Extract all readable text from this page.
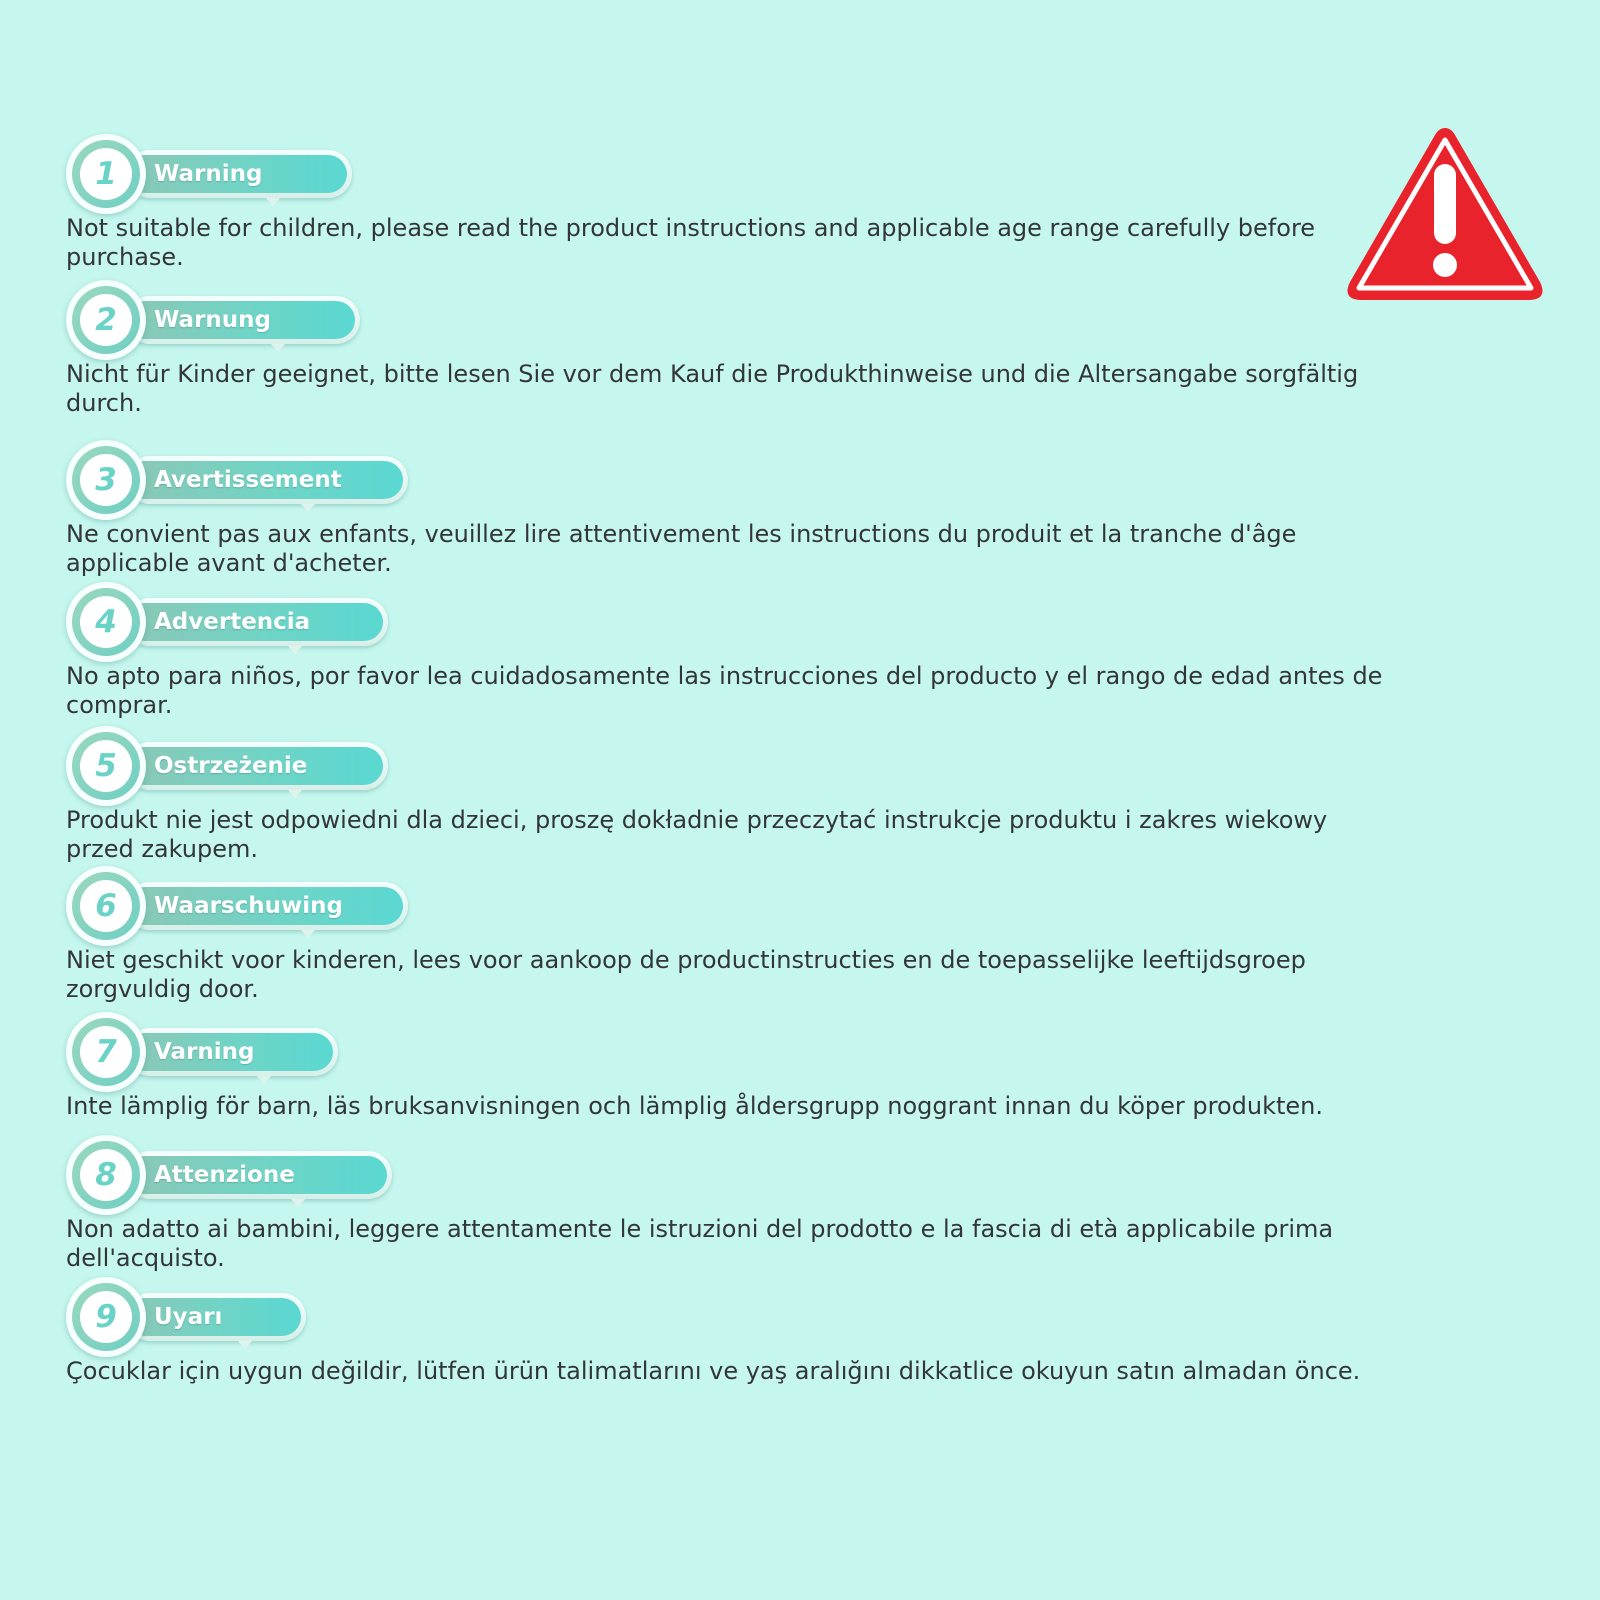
Warning
1

Not suitable for children, please read the product instructions and applicable age range carefully before purchase.

Warnung
2

Nicht für Kinder geeignet, bitte lesen Sie vor dem Kauf die Produkthinweise und die Altersangabe sorgfältig durch.

Avertissement
3

Ne convient pas aux enfants, veuillez lire attentivement les instructions du produit et la tranche d'âge applicable avant d'acheter.

Advertencia
4

No apto para niños, por favor lea cuidadosamente las instrucciones del producto y el rango de edad antes de comprar.

Ostrzeżenie
5

Produkt nie jest odpowiedni dla dzieci, proszę dokładnie przeczytać instrukcje produktu i zakres wiekowy przed zakupem.

Waarschuwing
6

Niet geschikt voor kinderen, lees voor aankoop de productinstructies en de toepasselijke leeftijdsgroep zorgvuldig door.

Varning
7

Inte lämplig för barn, läs bruksanvisningen och lämplig åldersgrupp noggrant innan du köper produkten.

Attenzione
8

Non adatto ai bambini, leggere attentamente le istruzioni del prodotto e la fascia di età applicabile prima dell'acquisto.

Uyarı
9

Çocuklar için uygun değildir, lütfen ürün talimatlarını ve yaş aralığını dikkatlice okuyun satın almadan önce.
